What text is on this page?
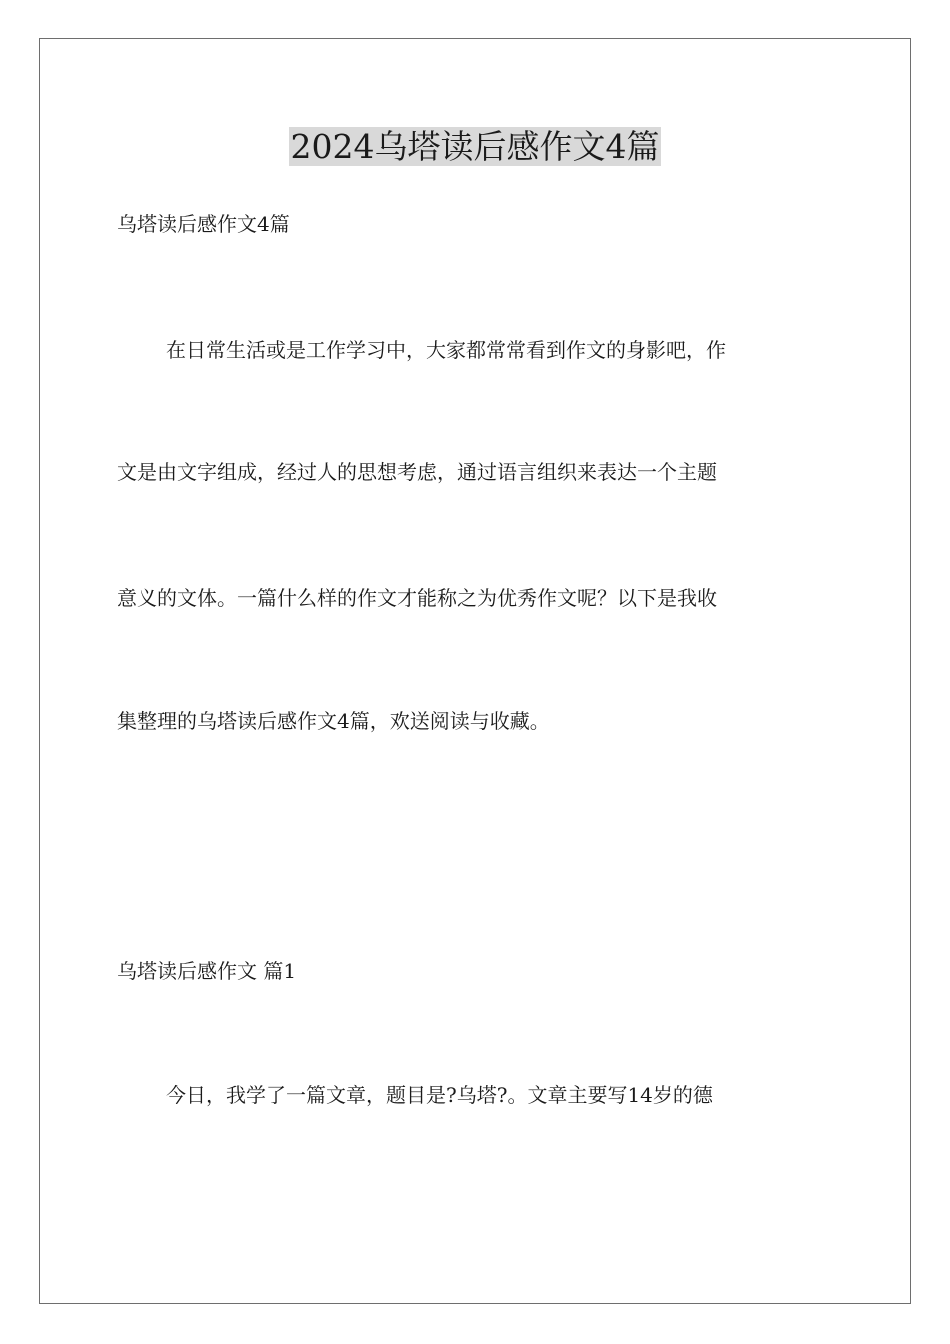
2024乌塔读后感作文4篇

乌塔读后感作文4篇

在日常生活或是工作学习中，大家都常常看到作文的身影吧，作

文是由文字组成，经过人的思想考虑，通过语言组织来表达一个主题

意义的文体。一篇什么样的作文才能称之为优秀作文呢？以下是我收

集整理的乌塔读后感作文4篇，欢送阅读与收藏。

乌塔读后感作文 篇1

今日，我学了一篇文章，题目是?乌塔?。文章主要写14岁的德
